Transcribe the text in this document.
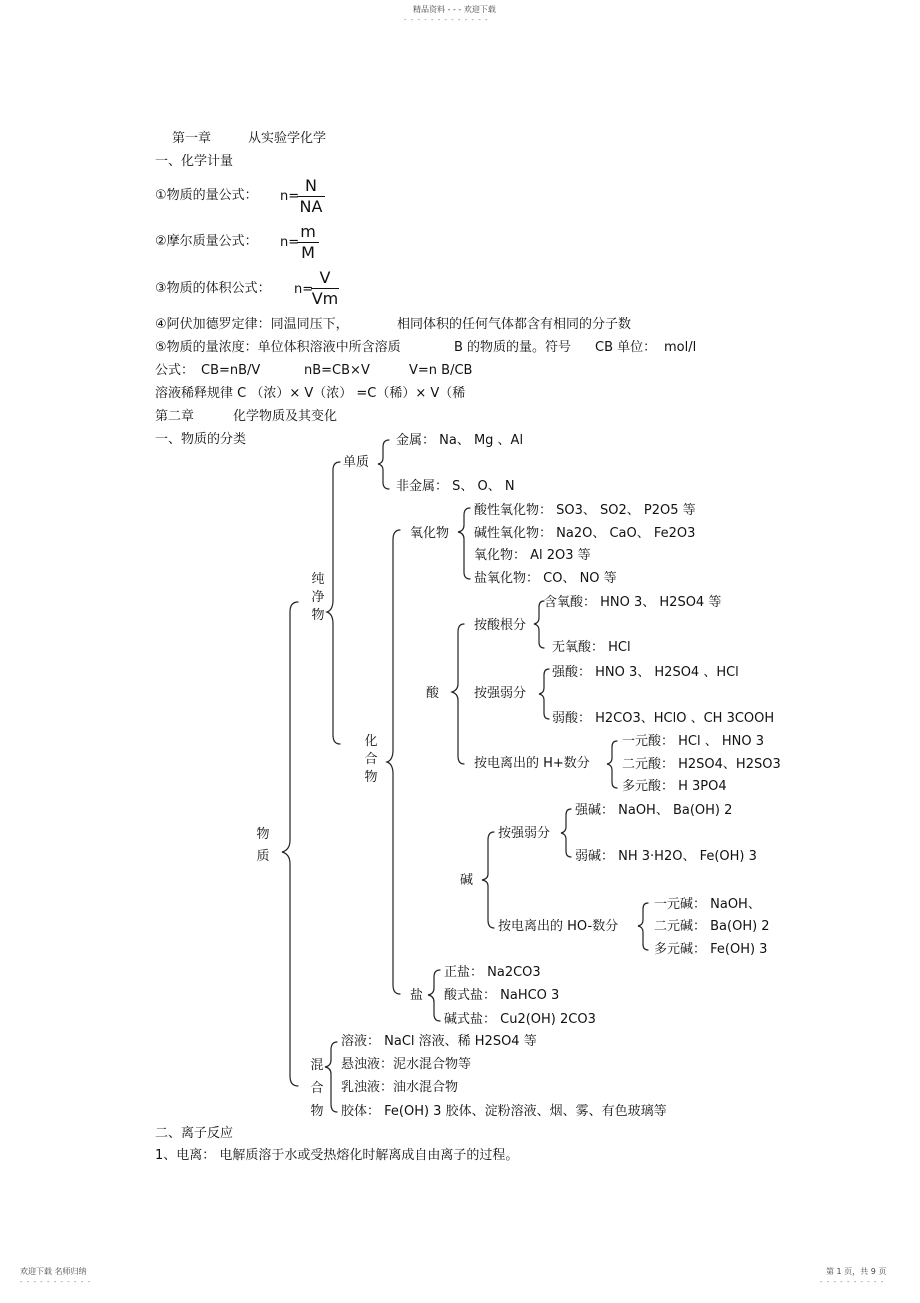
精品资料 - - - 欢迎下载
- - - - - - - - - - - - -
第一章	从实验学化学
一、化学计量
①物质的量公式： n=
$\frac{N}{NA}$
②摩尔质量公式： n=
$\frac{m}{M}$
③物质的体积公式： n=
$\frac{V}{Vm}$
④阿伏加德罗定律：同温同压下，	相同体积的任何气体都含有相同的分子数
⑤物质的量浓度：单位体积溶液中所含溶质	B 的物质的量。符号 CB 单位： mol/l
公式： CB=nB/V	nB=CB×V	V=n B/CB
溶液稀释规律 C （浓）× V（浓） =C（稀）× V（稀
第二章	化学物质及其变化
一、物质的分类
物
质
纯
净
物
单质
金属： Na、 Mg 、Al
非金属： S、 O、 N
化
合
物
氧化物
酸性氧化物： SO3、 SO2、 P2O5 等
碱性氧化物： Na2O、 CaO、 Fe2O3
氧化物： Al 2O3 等
盐氧化物： CO、 NO 等
酸
按酸根分
含氧酸： HNO 3、 H2SO4 等
无氧酸： HCl
按强弱分
强酸： HNO 3、 H2SO4 、HCl
弱酸： H2CO3、HClO 、CH 3COOH
按电离出的 H+数分
一元酸： HCl 、 HNO 3
二元酸： H2SO4、H2SO3
多元酸： H 3PO4
碱
按强弱分
强碱： NaOH、 Ba(OH) 2
弱碱： NH 3·H2O、 Fe(OH) 3
按电离出的 HO-数分
一元碱： NaOH、
二元碱： Ba(OH) 2
多元碱： Fe(OH) 3
盐
正盐： Na2CO3
酸式盐： NaHCO 3
碱式盐： Cu2(OH) 2CO3
混
合
物
溶液： NaCl 溶液、稀 H2SO4 等
悬浊液：泥水混合物等
乳浊液：油水混合物
胶体： Fe(OH) 3 胶体、淀粉溶液、烟、雾、有色玻璃等
二、离子反应
1、电离： 电解质溶于水或受热熔化时解离成自由离子的过程。
欢迎下载 名师归纳
- - - - - - - - - - -
第 1 页，共 9 页
- - - - - - - - - -
